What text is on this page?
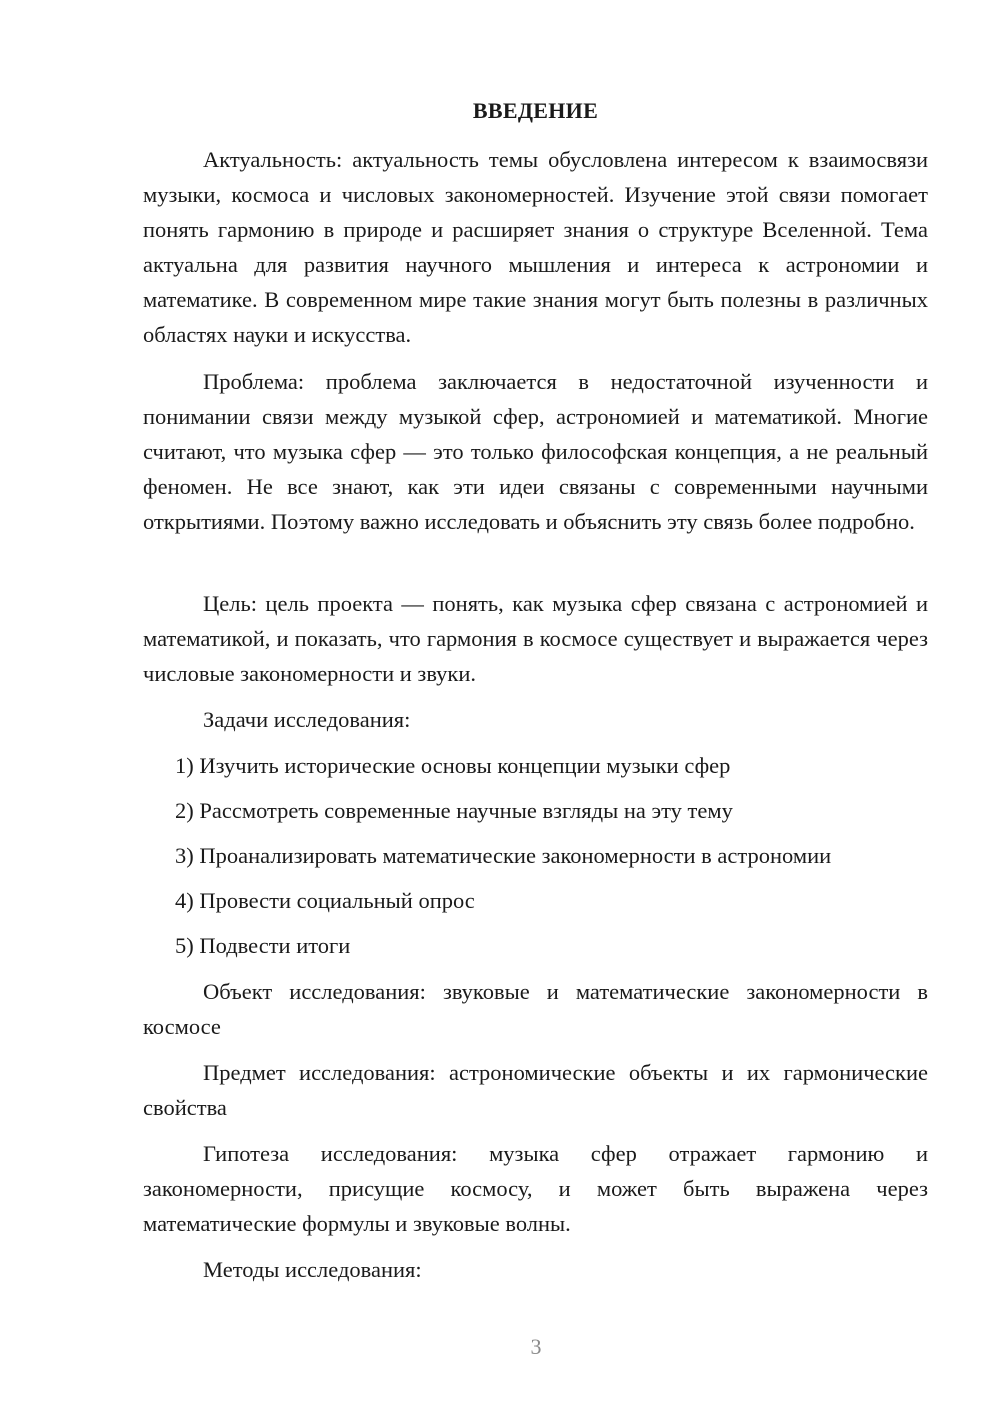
ВВЕДЕНИЕ

Актуальность: актуальность темы обусловлена интересом к взаимосвязи музыки, космоса и числовых закономерностей. Изучение этой связи помогает понять гармонию в природе и расширяет знания о структуре Вселенной. Тема актуальна для развития научного мышления и интереса к астрономии и математике. В современном мире такие знания могут быть полезны в различных областях науки и искусства.

Проблема: проблема заключается в недостаточной изученности и понимании связи между музыкой сфер, астрономией и математикой. Многие считают, что музыка сфер — это только философская концепция, а не реальный феномен. Не все знают, как эти идеи связаны с современными научными открытиями. Поэтому важно исследовать и объяснить эту связь более подробно.

Цель: цель проекта — понять, как музыка сфер связана с астрономией и математикой, и показать, что гармония в космосе существует и выражается через числовые закономерности и звуки.

Задачи исследования:

1) Изучить исторические основы концепции музыки сфер

2) Рассмотреть современные научные взгляды на эту тему

3) Проанализировать математические закономерности в астрономии

4) Провести социальный опрос

5) Подвести итоги

Объект исследования: звуковые и математические закономерности в космосе

Предмет исследования: астрономические объекты и их гармонические свойства

Гипотеза исследования: музыка сфер отражает гармонию и закономерности, присущие космосу, и может быть выражена через математические формулы и звуковые волны.

Методы исследования:

3
